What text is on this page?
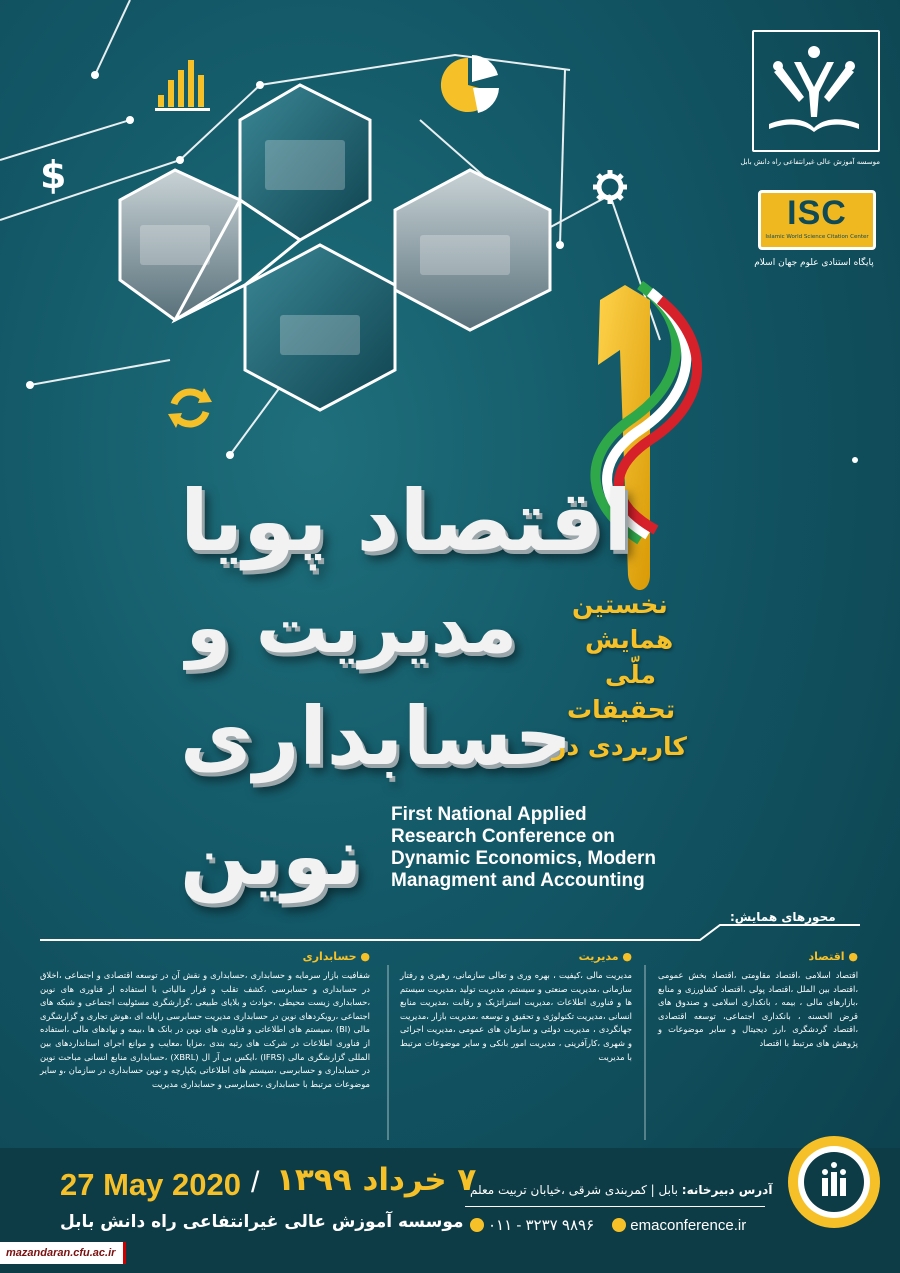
$	موسسه آموزش عالی غیرانتفاعی راه دانش بابل
ISC
Islamic World Science Citation Center
پایگاه استنادی علوم جهان اسلام
اقتصاد پویا
مدیریت و
حسابداری
نوین
نخستین
همایش
ملّی
تحقیقات
کاربردی در
First National Applied
Research Conference on
Dynamic Economics, Modern
Managment and Accounting
محورهای همایش:
● اقتصاد

اقتصاد اسلامی ،اقتصاد مقاومتی ،اقتصاد بخش عمومی ،اقتصاد بین الملل ،اقتصاد پولی ،اقتصاد کشاورزی و منابع ،بازارهای مالی ، بیمه ، بانکداری اسلامی و صندوق های قرض الحسنه ، بانکداری اجتماعی، توسعه اقتصادی ،اقتصاد گردشگری ،ارز دیجیتال و سایر موضوعات و پژوهش های مرتبط با اقتصاد

● مدیریت

مدیریت مالی ،کیفیت ، بهره وری و تعالی سازمانی، رهبری و رفتار سازمانی ،مدیریت صنعتی و سیستم، مدیریت تولید ،مدیریت سیستم ها و فناوری اطلاعات ،مدیریت استراتژیک و رقابت ،مدیریت منابع انسانی ،مدیریت تکنولوژی و تحقیق و توسعه ،مدیریت بازار ،مدیریت جهانگردی ، مدیریت دولتی و سازمان های عمومی ،مدیریت اجرائی و شهری ،کارآفرینی ، مدیریت امور بانکی و سایر موضوعات مرتبط با مدیریت

● حسابداری

شفافیت بازار سرمایه و حسابداری ،حسابداری و نقش آن در توسعه اقتصادی و اجتماعی ،اخلاق در حسابداری و حسابرسی ،کشف تقلب و فرار مالیاتی با استفاده از فناوری های نوین ،حسابداری زیست محیطی ،حوادث و بلایای طبیعی ،گزارشگری مسئولیت اجتماعی و شبکه های اجتماعی ،رویکردهای نوین در حسابداری مدیریت حسابرسی رایانه ای ،هوش تجاری و گزارشگری مالی (BI) ،سیستم های اطلاعاتی و فناوری های نوین در بانک ها ،بیمه و نهادهای مالی ،استفاده از فناوری اطلاعات در شرکت های رتبه بندی ،مزایا ،معایب و موانع اجرای استانداردهای بین المللی گزارشگری مالی (IFRS) ،ایکس بی آر ال (XBRL) ،حسابداری منابع انسانی مباحث نوین در حسابداری و حسابرسی ،سیستم های اطلاعاتی یکپارچه و نوین حسابداری در سازمان ،و سایر موضوعات مرتبط با حسابداری ،حسابرسی و حسابداری مدیریت

27 May 2020 / ۷ خرداد ۱۳۹۹
موسسه آموزش عالی غیرانتفاعی راه دانش بابل
آدرس دبیرخانه: بابل | کمربندی شرقی ،خیابان تربیت معلم
۰۱۱ - ۳۲۳۷ ۹۸۹۶ emaconference.ir
mazandaran.cfu.ac.ir
